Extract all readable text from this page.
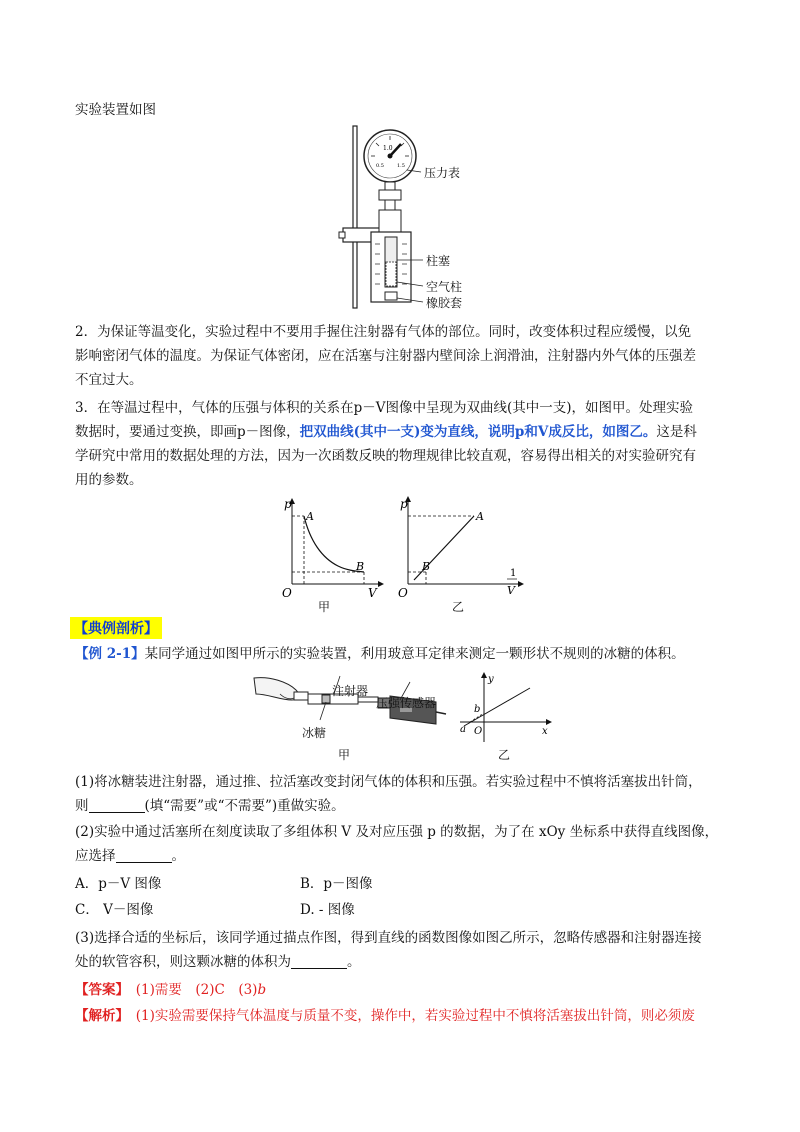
实验装置如图
1.0
0.5	1.5 压力表
柱塞
空气柱
橡胶套
2．为保证等温变化，实验过程中不要用手握住注射器有气体的部位。同时，改变体积过程应缓慢，以免
影响密闭气体的温度。为保证气体密闭，应在活塞与注射器内壁间涂上润滑油，注射器内外气体的压强差
不宜过大。
3．在等温过程中，气体的压强与体积的关系在p－V图像中呈现为双曲线(其中一支)，如图甲。处理实验
数据时，要通过变换，即画p－图像，把双曲线(其中一支)变为直线，说明p和V成反比，如图乙。这是科
学研究中常用的数据处理的方法，因为一次函数反映的物理规律比较直观，容易得出相关的对实验研究有
用的参数。
p
V
O
A
B
甲
p
O
A
B
1
V
乙
【典例剖析】
【例 2-1】某同学通过如图甲所示的实验装置，利用玻意耳定律来测定一颗形状不规则的冰糖的体积。
注射器
压强传感器
冰糖
甲
y
x
O
a
b
乙
(1)将冰糖装进注射器，通过推、拉活塞改变封闭气体的体积和压强。若实验过程中不慎将活塞拔出针筒，
则	(填“需要”或“不需要”)重做实验。
(2)实验中通过活塞所在刻度读取了多组体积 V 及对应压强 p 的数据，为了在 xOy 坐标系中获得直线图像，
应选择	。
A．p－V 图像	B．p－图像
C． V－图像	D. - 图像
(3)选择合适的坐标后，该同学通过描点作图，得到直线的函数图像如图乙所示，忽略传感器和注射器连接
处的软管容积，则这颗冰糖的体积为	。
【答案】　 (1)需要　(2)C　(3)b
【解析】　 (1)实验需要保持气体温度与质量不变，操作中，若实验过程中不慎将活塞拔出针筒，则必须废
